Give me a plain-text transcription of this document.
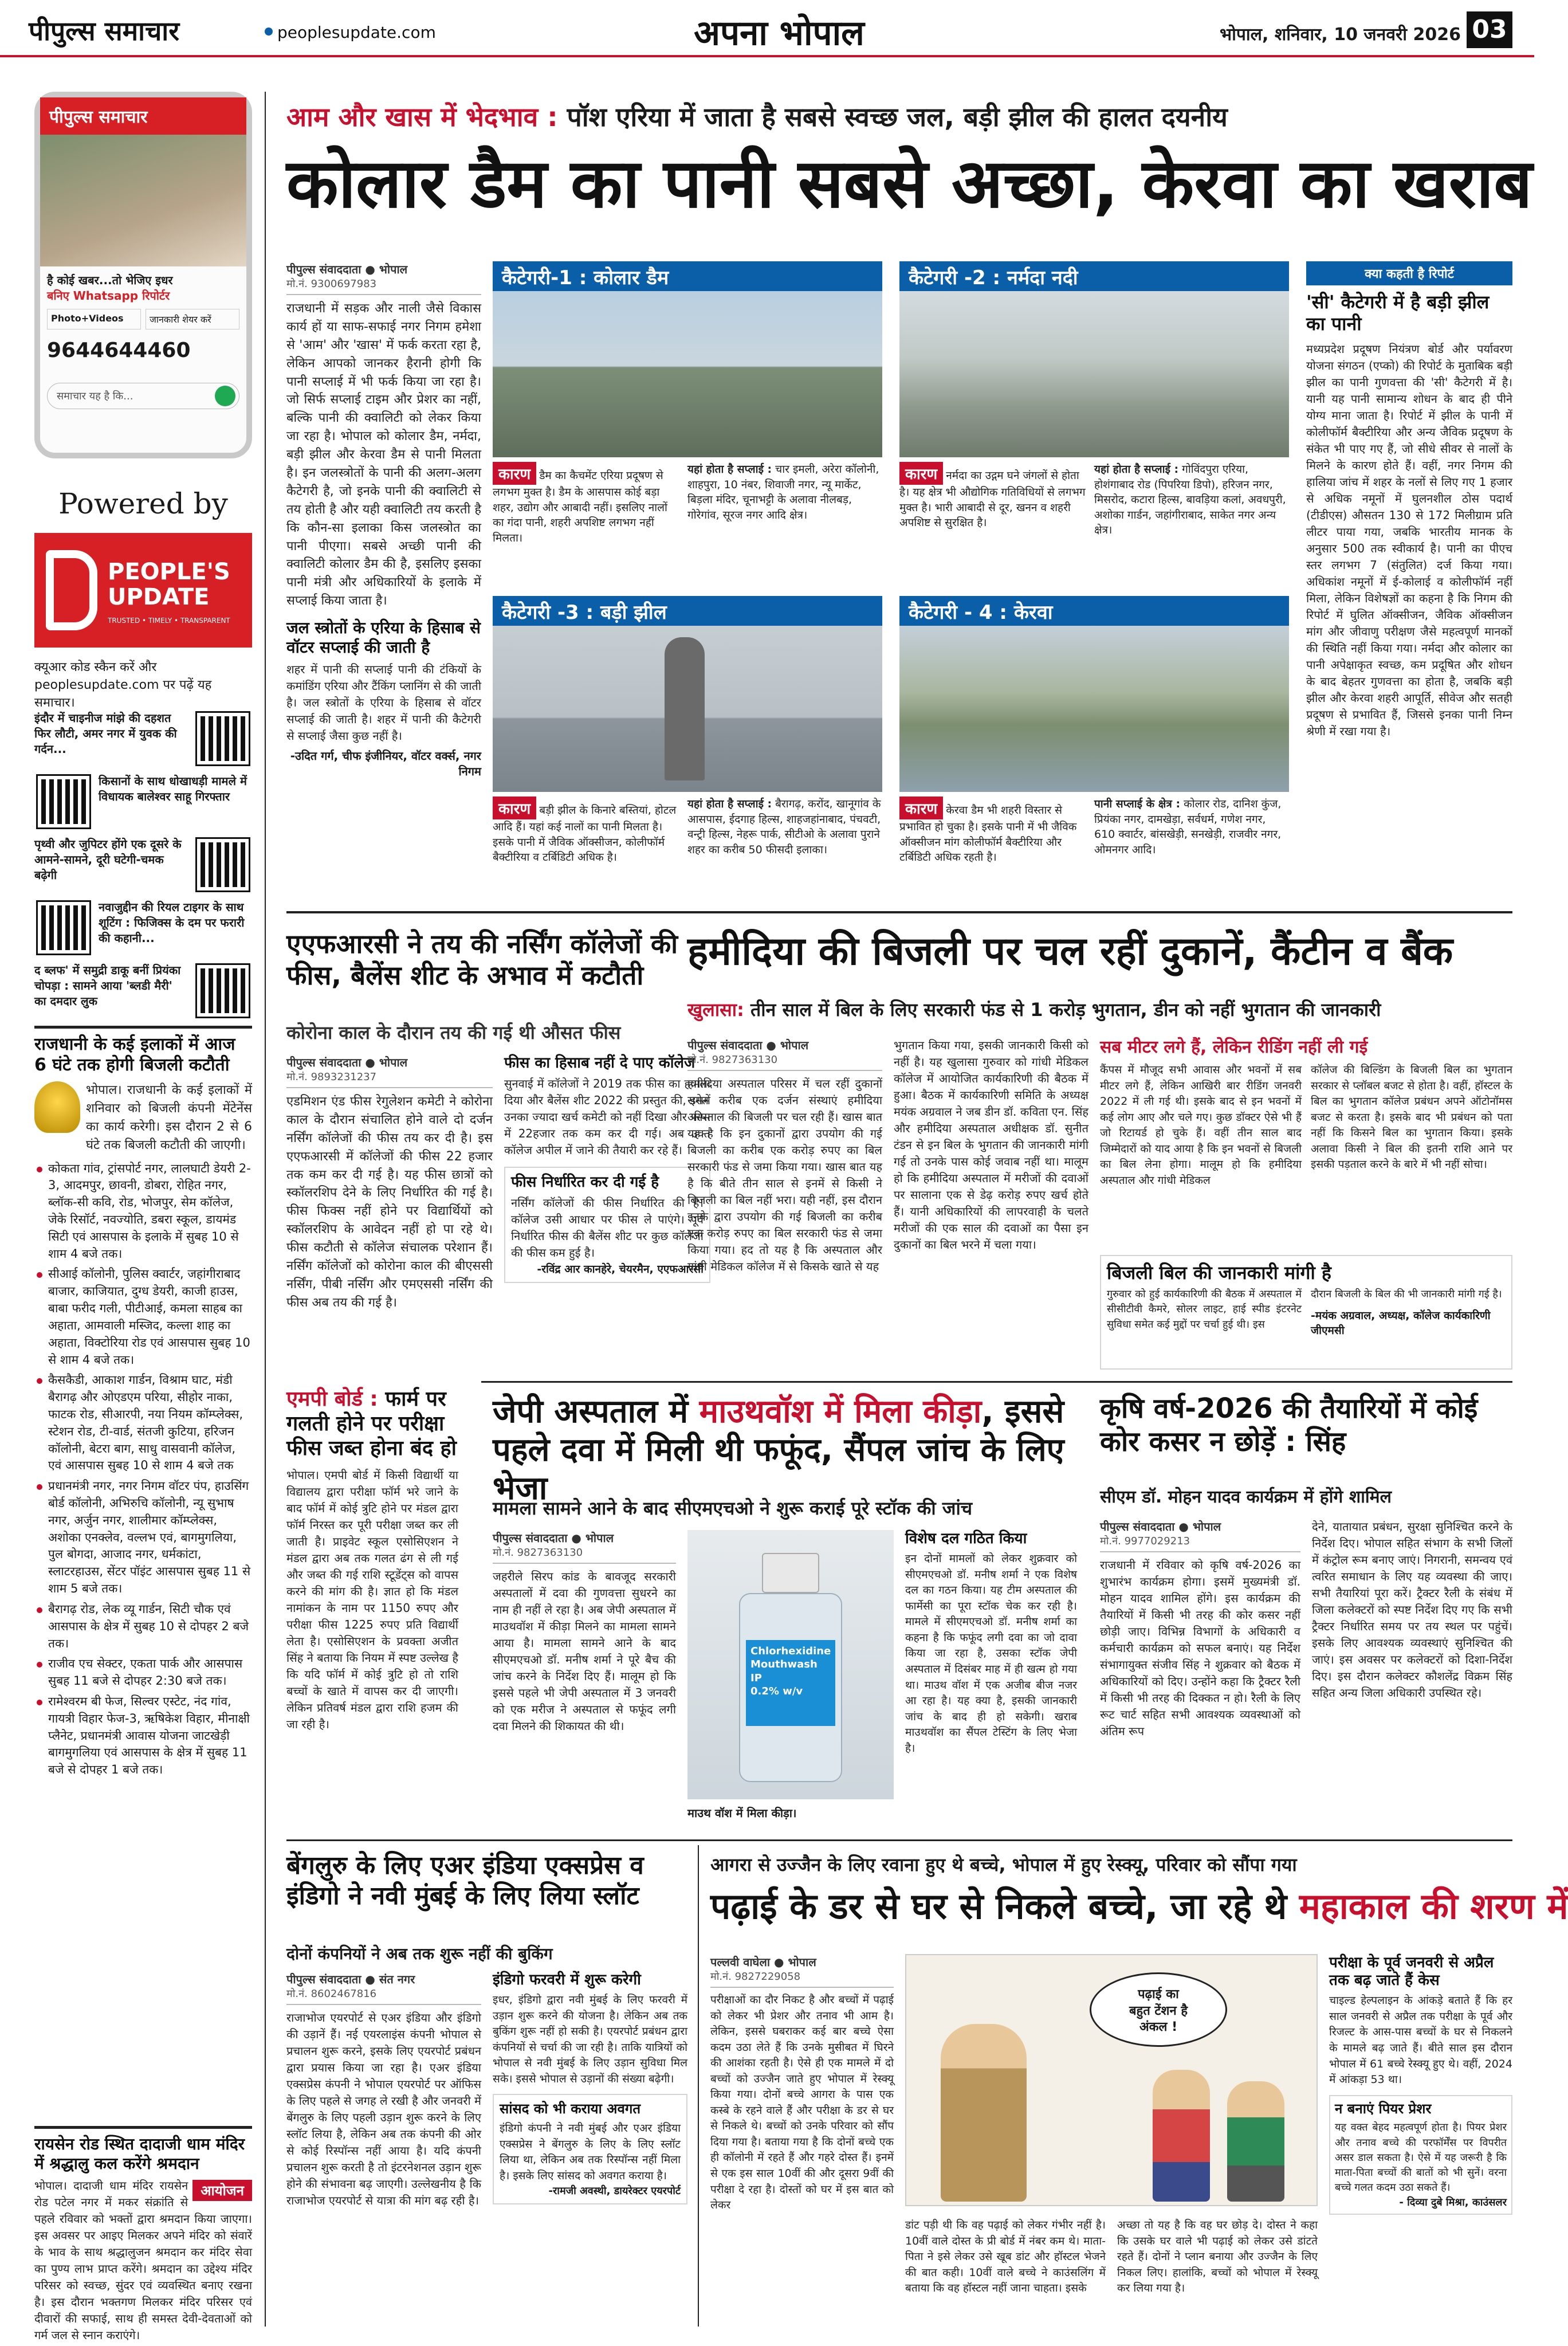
पीपुल्स समाचार	peoplesupdate.com	अपना भोपाल	भोपाल, शनिवार, 10 जनवरी 2026 03
पीपुल्स समाचार
है कोई खबर...तो भेजिए इधर
बनिए Whatsapp रिपोर्टर
Photo+Videos	जानकारी शेयर करें
9644644460
समाचार यह है कि...
Powered by
PEOPLE'S UPDATE
TRUSTED • TIMELY • TRANSPARENT
क्यूआर कोड स्कैन करें और peoplesupdate.com पर पढ़ें यह समाचार।
इंदौर में चाइनीज मांझे की दहशत फिर लौटी, अमर नगर में युवक की गर्दन...
किसानों के साथ धोखाधड़ी मामले में विधायक बालेश्वर साहू गिरफ्तार
पृथ्वी और जुपिटर होंगे एक दूसरे के आमने-सामने, दूरी घटेगी-चमक बढ़ेगी
नवाजुद्दीन की रियल टाइगर के साथ शूटिंग : फिजिक्स के दम पर फरारी की कहानी...
द ब्लफ' में समुद्री डाकू बनीं प्रियंका चोपड़ा : सामने आया 'ब्लडी मैरी' का दमदार लुक
राजधानी के कई इलाकों में आज 6 घंटे तक होगी बिजली कटौती
भोपाल। राजधानी के कई इलाकों में शनिवार को बिजली कंपनी मेंटेनेंस का कार्य करेगी। इस दौरान 2 से 6 घंटे तक बिजली कटौती की जाएगी।
कोकता गांव, ट्रांसपोर्ट नगर, लालघाटी डेयरी 2-3, आदमपुर, छावनी, डोबरा, रोहित नगर, ब्लॉक-सी कवि, रोड, भोजपुर, सेम कॉलेज, जेके रिसॉर्ट, नवज्योति, डबरा स्कूल, डायमंड सिटी एवं आसपास के इलाके में सुबह 10 से शाम 4 बजे तक।
सीआई कॉलोनी, पुलिस क्वार्टर, जहांगीराबाद बाजार, काजियात, दुग्ध डेयरी, काजी हाउस, बाबा फरीद गली, पीटीआई, कमला साहब का अहाता, आमवाली मस्जिद, कल्ला शाह का अहाता, विक्टोरिया रोड एवं आसपास सुबह 10 से शाम 4 बजे तक।
कैसकैडी, आकाश गार्डन, विश्राम घाट, मंडी बैरागढ़ और ओएडएम परिया, सीहोर नाका, फाटक रोड, सीआरपी, नया नियम कॉम्प्लेक्स, स्टेशन रोड, टी-वार्ड, संतजी कुटिया, हरिजन कॉलोनी, बेटरा बाग, साधु वासवानी कॉलेज, एवं आसपास सुबह 10 से शाम 4 बजे तक
प्रधानमंत्री नगर, नगर निगम वॉटर पंप, हाउसिंग बोर्ड कॉलोनी, अभिरुचि कॉलोनी, न्यू सुभाष नगर, अर्जुन नगर, शालीमार कॉम्प्लेक्स, अशोका एनक्लेव, वल्लभ एवं, बागमुगलिया, पुल बोगदा, आजाद नगर, धर्मकांटा, स्लाटरहाउस, सेंटर पॉइंट आसपास सुबह 11 से शाम 5 बजे तक।
बैरागढ़ रोड, लेक व्यू गार्डन, सिटी चौक एवं आसपास के क्षेत्र में सुबह 10 से दोपहर 2 बजे तक।
राजीव एच सेक्टर, एकता पार्क और आसपास सुबह 11 बजे से दोपहर 2:30 बजे तक।
रामेश्वरम बी फेज, सिल्वर एस्टेट, नंद गांव, गायत्री विहार फेज-3, ऋषिकेश विहार, मीनाक्षी प्लैनेट, प्रधानमंत्री आवास योजना जाटखेड़ी बागमुगलिया एवं आसपास के क्षेत्र में सुबह 11 बजे से दोपहर 1 बजे तक।
रायसेन रोड स्थित दादाजी धाम मंदिर में श्रद्धालु कल करेंगे श्रमदान
आयोजन
भोपाल। दादाजी धाम मंदिर रायसेन रोड पटेल नगर में मकर संक्रांति से पहले रविवार को भक्तों द्वारा श्रमदान किया जाएगा। इस अवसर पर आइए मिलकर अपने मंदिर को संवारें के भाव के साथ श्रद्धालुजन श्रमदान कर मंदिर सेवा का पुण्य लाभ प्राप्त करेंगे। श्रमदान का उद्देश्य मंदिर परिसर को स्वच्छ, सुंदर एवं व्यवस्थित बनाए रखना है। इस दौरान भक्तगण मिलकर मंदिर परिसर एवं दीवारों की सफाई, साथ ही समस्त देवी-देवताओं को गर्म जल से स्नान कराएंगे।
आम और खास में भेदभाव : पॉश एरिया में जाता है सबसे स्वच्छ जल, बड़ी झील की हालत दयनीय
कोलार डैम का पानी सबसे अच्छा, केरवा का खराब
पीपुल्स संवाददाता ● भोपाल
मो.नं. 9300697983
राजधानी में सड़क और नाली जैसे विकास कार्य हों या साफ-सफाई नगर निगम हमेशा से 'आम' और 'खास' में फर्क करता रहा है, लेकिन आपको जानकर हैरानी होगी कि पानी सप्लाई में भी फर्क किया जा रहा है। जो सिर्फ सप्लाई टाइम और प्रेशर का नहीं, बल्कि पानी की क्वालिटी को लेकर किया जा रहा है। भोपाल को कोलार डैम, नर्मदा, बड़ी झील और केरवा डैम से पानी मिलता है। इन जलस्त्रोतों के पानी की अलग-अलग कैटेगरी है, जो इनके पानी की क्वालिटी से तय होती है और यही क्वालिटी तय करती है कि कौन-सा इलाका किस जलस्त्रोत का पानी पीएगा। सबसे अच्छी पानी की क्वालिटी कोलार डैम की है, इसलिए इसका पानी मंत्री और अधिकारियों के इलाके में सप्लाई किया जाता है।
जल स्त्रोतों के एरिया के हिसाब से वॉटर सप्लाई की जाती है
शहर में पानी की सप्लाई पानी की टंकियों के कमांडिंग एरिया और टैंकिंग प्लानिंग से की जाती है। जल स्त्रोतों के एरिया के हिसाब से वॉटर सप्लाई की जाती है। शहर में पानी की कैटेगरी से सप्लाई जैसा कुछ नहीं है।
-उदित गर्ग, चीफ इंजीनियर, वॉटर वर्क्स, नगर निगम
कैटेगरी-1 : कोलार डैम
कारण डैम का कैचमेंट एरिया प्रदूषण से लगभग मुक्त है। डैम के आसपास कोई बड़ा शहर, उद्योग और आबादी नहीं। इसलिए नालों का गंदा पानी, शहरी अपशिष्ट लगभग नहीं मिलता।
यहां होता है सप्लाई : चार इमली, अरेरा कॉलोनी, शाहपुरा, 10 नंबर, शिवाजी नगर, न्यू मार्केट, बिड़ला मंदिर, चूनाभट्टी के अलावा नीलबड़, गोरेगांव, सूरज नगर आदि क्षेत्र।
कैटेगरी -2 : नर्मदा नदी
कारण नर्मदा का उद्गम घने जंगलों से होता है। यह क्षेत्र भी औद्योगिक गतिविधियों से लगभग मुक्त है। भारी आबादी से दूर, खनन व शहरी अपशिष्ट से सुरक्षित है।
यहां होता है सप्लाई : गोविंदपुरा एरिया, होशंगाबाद रोड (पिपरिया डिपो), हरिजन नगर, मिसरोद, कटारा हिल्स, बावड़िया कलां, अवधपुरी, अशोका गार्डन, जहांगीराबाद, साकेत नगर अन्य क्षेत्र।
कैटेगरी -3 : बड़ी झील
कारण बड़ी झील के किनारे बस्तियां, होटल आदि हैं। यहां कई नालों का पानी मिलता है। इसके पानी में जैविक ऑक्सीजन, कोलीफॉर्म बैक्टीरिया व टर्बिडिटी अधिक है।
यहां होता है सप्लाई : बैरागढ़, करोंद, खानूगांव के आसपास, ईदगाह हिल्स, शाहजहांनाबाद, पंचवटी, वन्ट्री हिल्स, नेहरू पार्क, सीटीओ के अलावा पुराने शहर का करीब 50 फीसदी इलाका।
कैटेगरी - 4 : केरवा
कारण केरवा डैम भी शहरी विस्तार से प्रभावित हो चुका है। इसके पानी में भी जैविक ऑक्सीजन मांग कोलीफॉर्म बैक्टीरिया और टर्बिडिटी अधिक रहती है।
पानी सप्लाई के क्षेत्र : कोलार रोड, दानिश कुंज, प्रियंका नगर, दामखेड़ा, सर्वधर्म, गणेश नगर, 610 क्वार्टर, बांसखेड़ी, सनखेड़ी, राजवीर नगर, ओमनगर आदि।
क्या कहती है रिपोर्ट
'सी' कैटेगरी में है बड़ी झील का पानी
मध्यप्रदेश प्रदूषण नियंत्रण बोर्ड और पर्यावरण योजना संगठन (एप्को) की रिपोर्ट के मुताबिक बड़ी झील का पानी गुणवत्ता की 'सी' कैटेगरी में है। यानी यह पानी सामान्य शोधन के बाद ही पीने योग्य माना जाता है। रिपोर्ट में झील के पानी में कोलीफॉर्म बैक्टीरिया और अन्य जैविक प्रदूषण के संकेत भी पाए गए हैं, जो सीधे सीवर से नालों के मिलने के कारण होते हैं। वहीं, नगर निगम की हालिया जांच में शहर के नलों से लिए गए 1 हजार से अधिक नमूनों में घुलनशील ठोस पदार्थ (टीडीएस) औसतन 130 से 172 मिलीग्राम प्रति लीटर पाया गया, जबकि भारतीय मानक के अनुसार 500 तक स्वीकार्य है। पानी का पीएच स्तर लगभग 7 (संतुलित) दर्ज किया गया। अधिकांश नमूनों में ई-कोलाई व कोलीफॉर्म नहीं मिला, लेकिन विशेषज्ञों का कहना है कि निगम की रिपोर्ट में घुलित ऑक्सीजन, जैविक ऑक्सीजन मांग और जीवाणु परीक्षण जैसे महत्वपूर्ण मानकों की स्थिति नहीं किया गया। नर्मदा और कोलार का पानी अपेक्षाकृत स्वच्छ, कम प्रदूषित और शोधन के बाद बेहतर गुणवत्ता का होता है, जबकि बड़ी झील और केरवा शहरी आपूर्ति, सीवेज और सतही प्रदूषण से प्रभावित हैं, जिससे इनका पानी निम्न श्रेणी में रखा गया है।
एएफआरसी ने तय की नर्सिंग कॉलेजों की फीस, बैलेंस शीट के अभाव में कटौती
कोरोना काल के दौरान तय की गई थी औसत फीस
पीपुल्स संवाददाता ● भोपाल
मो.नं. 9893231237
एडमिशन एंड फीस रेगुलेशन कमेटी ने कोरोना काल के दौरान संचालित होने वाले दो दर्जन नर्सिंग कॉलेजों की फीस तय कर दी है। इस एएफआरसी में कॉलेजों की फीस 22 हजार तक कम कर दी गई है। यह फीस छात्रों को स्कॉलरशिप देने के लिए निर्धारित की गई है। फीस फिक्स नहीं होने पर विद्यार्थियों को स्कॉलरशिप के आवेदन नहीं हो पा रहे थे। फीस कटौती से कॉलेज संचालक परेशान हैं। नर्सिंग कॉलेजों को कोरोना काल की बीएससी नर्सिंग, पीबी नर्सिंग और एमएससी नर्सिंग की फीस अब तय की गई है।
फीस का हिसाब नहीं दे पाए कॉलेज
सुनवाई में कॉलेजों ने 2019 तक फीस का हवाला दिया और बैलेंस शीट 2022 की प्रस्तुत की, इसमें उनका ज्यादा खर्च कमेटी को नहीं दिखा और फीस में 22हजार तक कम कर दी गई। अब उक्त कॉलेज अपील में जाने की तैयारी कर रहे हैं।
फीस निर्धारित कर दी गई है
नर्सिंग कॉलेजों की फीस निर्धारित की है। कॉलेज उसी आधार पर फीस ले पाएंगे। पूर्व निर्धारित फीस की बैलेंस शीट पर कुछ कॉलेजों की फीस कम हुई है।
-रविंद्र आर कानहेरे, चेयरमैन, एएफआरसी
एमपी बोर्ड : फार्म पर गलती होने पर परीक्षा फीस जब्त होना बंद हो
भोपाल। एमपी बोर्ड में किसी विद्यार्थी या विद्यालय द्वारा परीक्षा फॉर्म भरे जाने के बाद फॉर्म में कोई त्रुटि होने पर मंडल द्वारा फॉर्म निरस्त कर पूरी परीक्षा जब्त कर ली जाती है। प्राइवेट स्कूल एसोसिएशन ने मंडल द्वारा अब तक गलत ढंग से ली गई और जब्त की गई राशि स्टूडेंट्स को वापस करने की मांग की है। ज्ञात हो कि मंडल नामांकन के नाम पर 1150 रुपए और परीक्षा फीस 1225 रुपए प्रति विद्यार्थी लेता है। एसोसिएशन के प्रवक्ता अजीत सिंह ने बताया कि नियम में स्पष्ट उल्लेख है कि यदि फॉर्म में कोई त्रुटि हो तो राशि बच्चों के खाते में वापस कर दी जाएगी। लेकिन प्रतिवर्ष मंडल द्वारा राशि हजम की जा रही है।
हमीदिया की बिजली पर चल रहीं दुकानें, कैंटीन व बैंक
खुलासा: तीन साल में बिल के लिए सरकारी फंड से 1 करोड़ भुगतान, डीन को नहीं भुगतान की जानकारी
पीपुल्स संवाददाता ● भोपाल
मो.नं. 9827363130
हमीदिया अस्पताल परिसर में चल रहीं दुकानों समेत करीब एक दर्जन संस्थाएं हमीदिया अस्पताल की बिजली पर चल रही हैं। खास बात यह है कि इन दुकानों द्वारा उपयोग की गई बिजली का करीब एक करोड़ रुपए का बिल सरकारी फंड से जमा किया गया। खास बात यह है कि बीते तीन साल से इनमें से किसी ने बिजली का बिल नहीं भरा। यही नहीं, इस दौरान इनके द्वारा उपयोग की गई बिजली का करीब एक करोड़ रुपए का बिल सरकारी फंड से जमा किया गया। हद तो यह है कि अस्पताल और गांधी मेडिकल कॉलेज में से किसके खाते से यह
भुगतान किया गया, इसकी जानकारी किसी को नहीं है। यह खुलासा गुरुवार को गांधी मेडिकल कॉलेज में आयोजित कार्यकारिणी की बैठक में हुआ। बैठक में कार्यकारिणी समिति के अध्यक्ष मयंक अग्रवाल ने जब डीन डॉ. कविता एन. सिंह और हमीदिया अस्पताल अधीक्षक डॉ. सुनीत टंडन से इन बिल के भुगतान की जानकारी मांगी गई तो उनके पास कोई जवाब नहीं था। मालूम हो कि हमीदिया अस्पताल में मरीजों की दवाओं पर सालाना एक से डेढ़ करोड़ रुपए खर्च होते हैं। यानी अधिकारियों की लापरवाही के चलते मरीजों की एक साल की दवाओं का पैसा इन दुकानों का बिल भरने में चला गया।
सब मीटर लगे हैं, लेकिन रीडिंग नहीं ली गई
कैंपस में मौजूद सभी आवास और भवनों में सब मीटर लगे हैं, लेकिन आखिरी बार रीडिंग जनवरी 2022 में ली गई थी। इसके बाद से इन भवनों में कई लोग आए और चले गए। कुछ डॉक्टर ऐसे भी हैं जो रिटायर्ड हो चुके हैं। वहीं तीन साल बाद जिम्मेदारों को याद आया है कि इन भवनों से बिजली का बिल लेना होगा। मालूम हो कि हमीदिया अस्पताल और गांधी मेडिकल
कॉलेज की बिल्डिंग के बिजली बिल का भुगतान सरकार से प्लॉबल बजट से होता है। वहीं, हॉस्टल के बिल का भुगतान कॉलेज प्रबंधन अपने ऑटोनॉमस बजट से करता है। इसके बाद भी प्रबंधन को पता नहीं कि किसने बिल का भुगतान किया। इसके अलावा किसी ने बिल की इतनी राशि आने पर इसकी पड़ताल करने के बारे में भी नहीं सोचा।
बिजली बिल की जानकारी मांगी है
गुरुवार को हुई कार्यकारिणी की बैठक में अस्पताल में सीसीटीवी कैमरे, सोलर लाइट, हाई स्पीड इंटरनेट सुविधा समेत कई मुद्दों पर चर्चा हुई थी। इस
दौरान बिजली के बिल की भी जानकारी मांगी गई है।
-मयंक अग्रवाल, अध्यक्ष, कॉलेज कार्यकारिणी जीएमसी
जेपी अस्पताल में माउथवॉश में मिला कीड़ा, इससे पहले दवा में मिली थी फफूंद, सैंपल जांच के लिए भेजा
मामला सामने आने के बाद सीएमएचओ ने शुरू कराई पूरे स्टॉक की जांच
पीपुल्स संवाददाता ● भोपाल
मो.नं. 9827363130
जहरीले सिरप कांड के बावजूद सरकारी अस्पतालों में दवा की गुणवत्ता सुधरने का नाम ही नहीं ले रहा है। अब जेपी अस्पताल में माउथवॉश में कीड़ा मिलने का मामला सामने आया है। मामला सामने आने के बाद सीएमएचओ डॉ. मनीष शर्मा ने पूरे बैच की जांच करने के निर्देश दिए हैं। मालूम हो कि इससे पहले भी जेपी अस्पताल में 3 जनवरी को एक मरीज ने अस्पताल से फफूंद लगी दवा मिलने की शिकायत की थी।
Chlorhexidine
Mouthwash IP
0.2% w/v
माउथ वॉश में मिला कीड़ा।
विशेष दल गठित किया
इन दोनों मामलों को लेकर शुक्रवार को सीएमएचओ डॉ. मनीष शर्मा ने एक विशेष दल का गठन किया। यह टीम अस्पताल की फार्मेसी का पूरा स्टॉक चेक कर रही है। मामले में सीएमएचओ डॉ. मनीष शर्मा का कहना है कि फफूंद लगी दवा का जो दावा किया जा रहा है, उसका स्टॉक जेपी अस्पताल में दिसंबर माह में ही खत्म हो गया था। माउथ वॉश में एक अजीब बीज नजर आ रहा है। यह क्या है, इसकी जानकारी जांच के बाद ही हो सकेगी। खराब माउथवॉश का सैंपल टेस्टिंग के लिए भेजा है।
कृषि वर्ष-2026 की तैयारियों में कोई कोर कसर न छोड़ें : सिंह
सीएम डॉ. मोहन यादव कार्यक्रम में होंगे शामिल
पीपुल्स संवाददाता ● भोपाल
मो.नं. 9977029213
राजधानी में रविवार को कृषि वर्ष-2026 का शुभारंभ कार्यक्रम होगा। इसमें मुख्यमंत्री डॉ. मोहन यादव शामिल होंगे। इस कार्यक्रम की तैयारियों में किसी भी तरह की कोर कसर नहीं छोड़ी जाए। विभिन्न विभागों के अधिकारी व कर्मचारी कार्यक्रम को सफल बनाएं। यह निर्देश संभागायुक्त संजीव सिंह ने शुक्रवार को बैठक में अधिकारियों को दिए। उन्होंने कहा कि ट्रैक्टर रैली में किसी भी तरह की दिक्कत न हो। रैली के लिए रूट चार्ट सहित सभी आवश्यक व्यवस्थाओं को अंतिम रूप
देने, यातायात प्रबंधन, सुरक्षा सुनिश्चित करने के निर्देश दिए। भोपाल सहित संभाग के सभी जिलों में कंट्रोल रूम बनाए जाएं। निगरानी, समन्वय एवं त्वरित समाधान के लिए यह व्यवस्था की जाए। सभी तैयारियां पूरा करें। ट्रैक्टर रैली के संबंध में जिला कलेक्टरों को स्पष्ट निर्देश दिए गए कि सभी ट्रैक्टर निर्धारित समय पर तय स्थल पर पहुंचें। इसके लिए आवश्यक व्यवस्थाएं सुनिश्चित की जाएं। इस अवसर पर कलेक्टरों को दिशा-निर्देश दिए। इस दौरान कलेक्टर कौशलेंद्र विक्रम सिंह सहित अन्य जिला अधिकारी उपस्थित रहे।
बेंगलुरु के लिए एअर इंडिया एक्सप्रेस व इंडिगो ने नवी मुंबई के लिए लिया स्लॉट
दोनों कंपनियों ने अब तक शुरू नहीं की बुकिंग
पीपुल्स संवाददाता ● संत नगर
मो.नं. 8602467816
राजाभोज एयरपोर्ट से एअर इंडिया और इंडिगो की उड़ानें हैं। नई एयरलाइंस कंपनी भोपाल से प्रचालन शुरू करने, इसके लिए एयरपोर्ट प्रबंधन द्वारा प्रयास किया जा रहा है। एअर इंडिया एक्सप्रेस कंपनी ने भोपाल एयरपोर्ट पर ऑफिस के लिए पहले से जगह ले रखी है और जनवरी में बेंगलुरु के लिए पहली उड़ान शुरू करने के लिए स्लॉट लिया है, लेकिन अब तक कंपनी की ओर से कोई रिस्पॉन्स नहीं आया है। यदि कंपनी प्रचालन शुरू करती है तो इंटरनेशनल उड़ान शुरू होने की संभावना बढ़ जाएगी। उल्लेखनीय है कि राजाभोज एयरपोर्ट से यात्रा की मांग बढ़ रही है।
इंडिगो फरवरी में शुरू करेगी
इधर, इंडिगो द्वारा नवी मुंबई के लिए फरवरी में उड़ान शुरू करने की योजना है। लेकिन अब तक बुकिंग शुरू नहीं हो सकी है। एयरपोर्ट प्रबंधन द्वारा कंपनियों से चर्चा की जा रही है। ताकि यात्रियों को भोपाल से नवी मुंबई के लिए उड़ान सुविधा मिल सके। इससे भोपाल से उड़ानों की संख्या बढ़ेगी।
सांसद को भी कराया अवगत
इंडिगो कंपनी ने नवी मुंबई और एअर इंडिया एक्सप्रेस ने बेंगलुरु के लिए के लिए स्लॉट लिया था, लेकिन अब तक रिस्पॉन्स नहीं मिला है। इसके लिए सांसद को अवगत कराया है।
-रामजी अवस्थी, डायरेक्टर एयरपोर्ट
आगरा से उज्जैन के लिए रवाना हुए थे बच्चे, भोपाल में हुए रेस्क्यू, परिवार को सौंपा गया
पढ़ाई के डर से घर से निकले बच्चे, जा रहे थे महाकाल की शरण में
पल्लवी वाघेला ● भोपाल
मो.नं. 9827229058
परीक्षाओं का दौर निकट है और बच्चों में पढ़ाई को लेकर भी प्रेशर और तनाव भी आम है। लेकिन, इससे घबराकर कई बार बच्चे ऐसा कदम उठा लेते हैं कि उनके मुसीबत में घिरने की आशंका रहती है। ऐसे ही एक मामले में दो बच्चों को उज्जैन जाते हुए भोपाल में रेस्क्यू किया गया। दोनों बच्चे आगरा के पास एक कस्बे के रहने वाले हैं और परीक्षा के डर से घर से निकले थे। बच्चों को उनके परिवार को सौंप दिया गया है। बताया गया है कि दोनों बच्चे एक ही कॉलोनी में रहते हैं और गहरे दोस्त हैं। इनमें से एक इस साल 10वीं की और दूसरा 9वीं की परीक्षा दे रहा है। दोस्तों को घर में इस बात को लेकर
पढ़ाई का
बहुत टेंशन है
अंकल !
डांट पड़ी थी कि वह पढ़ाई को लेकर गंभीर नहीं है। 10वीं वाले दोस्त के प्री बोर्ड में नंबर कम थे। माता-पिता ने इसे लेकर उसे खूब डांट और हॉस्टल भेजने की बात कही। 10वीं वाले बच्चे ने काउंसलिंग में बताया कि वह हॉस्टल नहीं जाना चाहता। इसके
अच्छा तो यह है कि वह घर छोड़ दे। दोस्त ने कहा कि उसके घर वाले भी पढ़ाई को लेकर उसे डांटते रहते हैं। दोनों ने प्लान बनाया और उज्जैन के लिए निकल लिए। हालांकि, बच्चों को भोपाल में रेस्क्यू कर लिया गया है।
परीक्षा के पूर्व जनवरी से अप्रैल तक बढ़ जाते हैं केस
चाइल्ड हेल्पलाइन के आंकड़े बताते हैं कि हर साल जनवरी से अप्रैल तक परीक्षा के पूर्व और रिजल्ट के आस-पास बच्चों के घर से निकलने के मामले बढ़ जाते हैं। बीते साल इस दौरान भोपाल में 61 बच्चे रेस्क्यू हुए थे। वहीं, 2024 में आंकड़ा 53 था।
न बनाएं पियर प्रेशर
यह वक्त बेहद महत्वपूर्ण होता है। पियर प्रेशर और तनाव बच्चे की परफॉर्मेंस पर विपरीत असर डाल सकता है। ऐसे में यह जरूरी है कि माता-पिता बच्चों की बातों को भी सुनें। वरना बच्चे गलत कदम उठा सकते हैं।
- दिव्या दुबे मिश्रा, काउंसलर
